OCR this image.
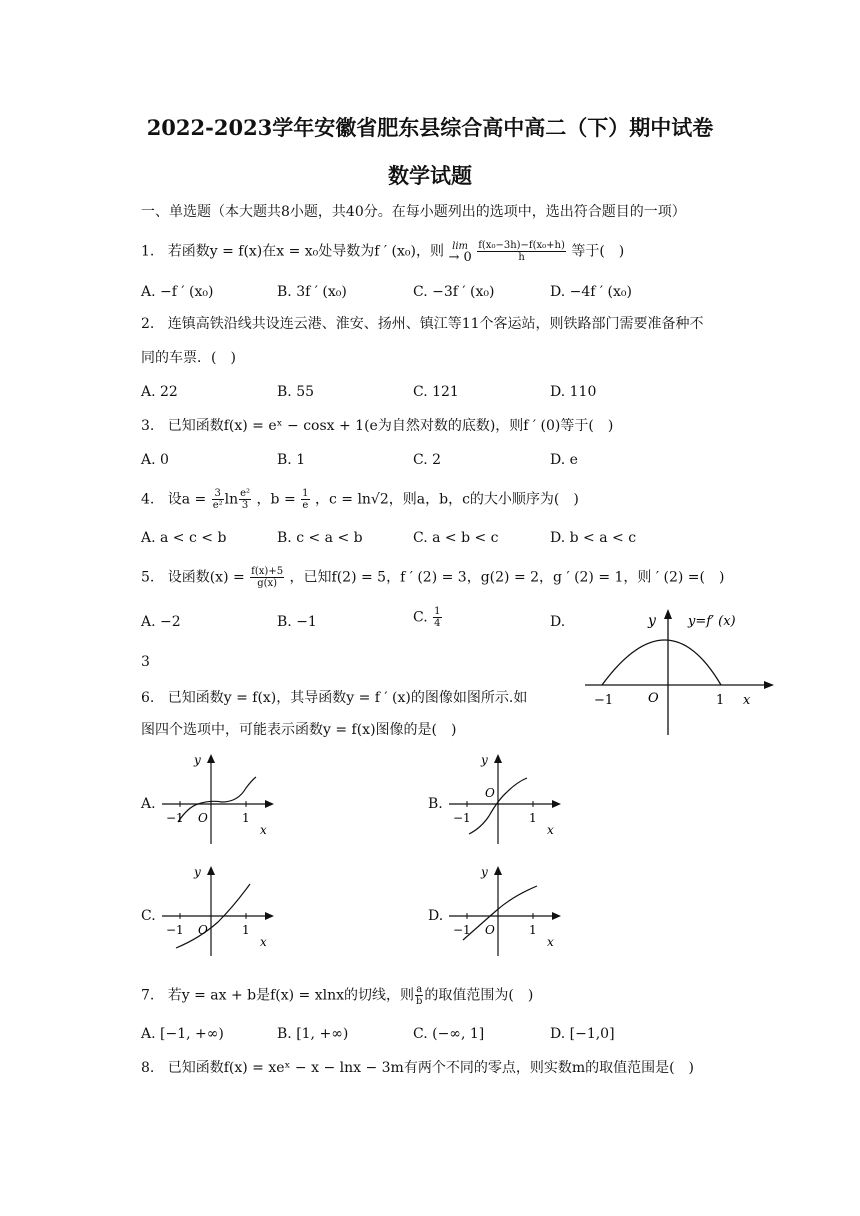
2022-2023学年安徽省肥东县综合高中高二（下）期中试卷
数学试题
一、单选题（本大题共8小题，共40分。在每小题列出的选项中，选出符合题目的一项）
1. 若函数y = f(x)在x = x₀处导数为f ′ (x₀)，则 lim
→ 0
$\frac{\text{f(x₀−3h)−f(x₀+h)}}{h}$ 等于(　)
A. −f ′ (x₀)	B. 3f ′ (x₀)	C. −3f ′ (x₀)	D. −4f ′ (x₀)
2. 连镇高铁沿线共设连云港、淮安、扬州、镇江等11个客运站，则铁路部门需要准备种不
同的车票．(　)
A. 22	B. 55	C. 121	D. 110
3. 已知函数f(x) = eˣ − cosx + 1(e为自然对数的底数)，则f ′ (0)等于(　)
A. 0	B. 1	C. 2	D. e
4. 设$a = \frac{3}{\text{e²}}$ $\ln \frac{\text{e²}}{3}$ ，$b = \frac{1}{e}$ ，c = ln√2，则a，b，c的大小顺序为(　)
A. a < c < b	B. c < a < b	C. a < b < c	D. b < a < c
5. 设函数$(x) = \frac{f(x)+5}{g(x)}$ ，已知f(2) = 5，f ′ (2) = 3，g(2) = 2，g ′ (2) = 1，则 ′ (2) =(　)
A. −2	B. −1	C. $\frac{1}{4}$	D.
3
y y=f′ (x)
O
−1	1 x
6. 已知函数y = f(x)，其导函数y = f ′ (x)的图像如图所示.如
图四个选项中，可能表示函数y = f(x)图像的是(　)
A.
y
O
−1	1
x
B.
y
O
−1	1
x
C.
y
O
−1	1
x
D.
y
O
−1	1
x
7. 若y = ax + b是f(x) = xlnx的切线，则 $\frac{a}{b}$ 的取值范围为(　)
A. [−1, +∞)	B. [1, +∞)	C. (−∞, 1]	D. [−1,0]
8. 已知函数f(x) = xeˣ − x − lnx − 3m有两个不同的零点，则实数m的取值范围是(　)
